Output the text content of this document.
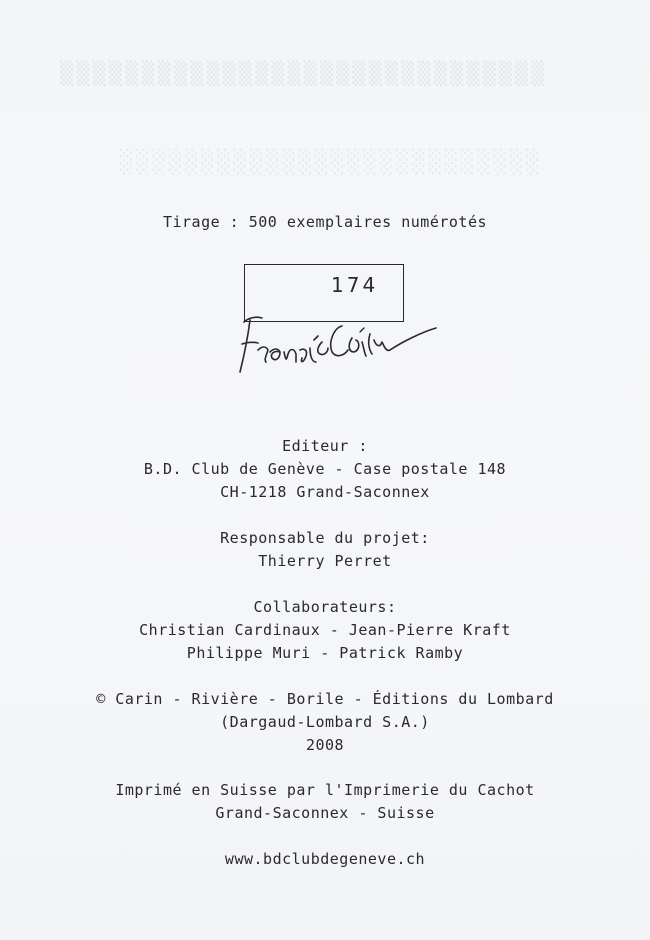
▒▒▒▒▒▒▒▒▒▒▒▒▒▒▒▒▒▒▒▒▒▒▒▒▒▒▒▒▒▒
░░░░░░░░░░░░░░░░░░░░░░░░░░
Tirage : 500 exemplaires numérotés
174
Editeur :
B.D. Club de Genève - Case postale 148
CH-1218 Grand-Saconnex
Responsable du projet:
Thierry Perret
Collaborateurs:
Christian Cardinaux - Jean-Pierre Kraft
Philippe Muri - Patrick Ramby
© Carin - Rivière - Borile - Éditions du Lombard
(Dargaud-Lombard S.A.)
2008
Imprimé en Suisse par l'Imprimerie du Cachot
Grand-Saconnex - Suisse
www.bdclubdegeneve.ch
